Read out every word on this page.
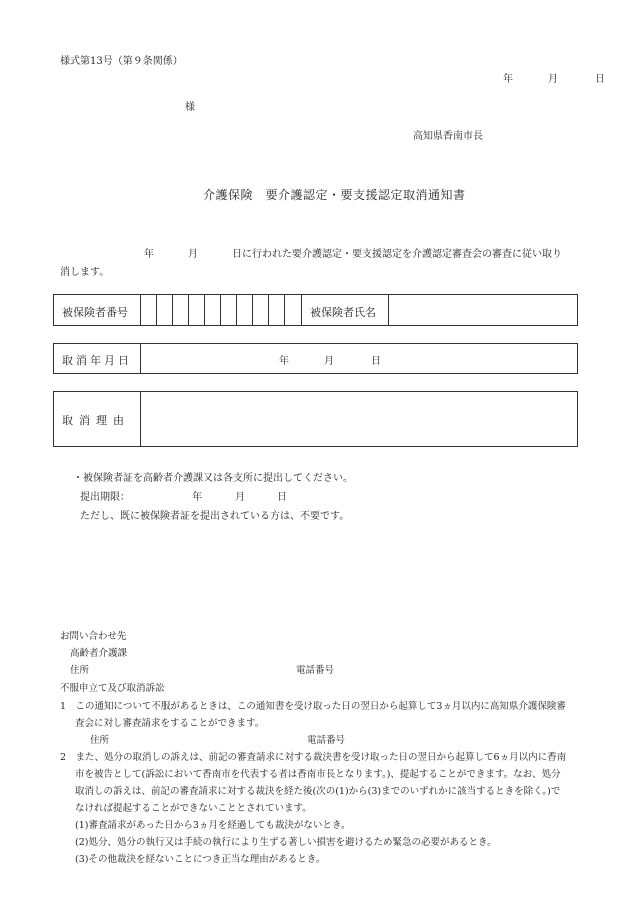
様式第13号（第９条関係）
年	月	日
様
高知県香南市長
介護保険　要介護認定・要支援認定取消通知書
年	月	日に行われた要介護認定・要支援認定を介護認定審査会の審査に従い取り
消します。
被保険者番号	被保険者氏名
取消年月日	年	月	日
取消理由
・被保険者証を高齢者介護課又は各支所に提出してください。
提出期限：	年	月	日
ただし、既に被保険者証を提出されている方は、不要です。
お問い合わせ先
高齢者介護課
住所	電話番号
不服申立て及び取消訴訟
1　この通知について不服があるときは、この通知書を受け取った日の翌日から起算して3ヵ月以内に高知県介護保険審
査会に対し審査請求をすることができます。
住所	電話番号
2　また、処分の取消しの訴えは、前記の審査請求に対する裁決書を受け取った日の翌日から起算して6ヵ月以内に香南
市を被告として(訴訟において香南市を代表する者は香南市長となります。)、提起することができます。なお、処分
取消しの訴えは、前記の審査請求に対する裁決を経た後(次の(1)から(3)までのいずれかに該当するときを除く。)で
なければ提起することができないこととされています。
(1)審査請求があった日から3ヵ月を経過しても裁決がないとき。
(2)処分、処分の執行又は手続の執行により生ずる著しい損害を避けるため緊急の必要があるとき。
(3)その他裁決を経ないことにつき正当な理由があるとき。
